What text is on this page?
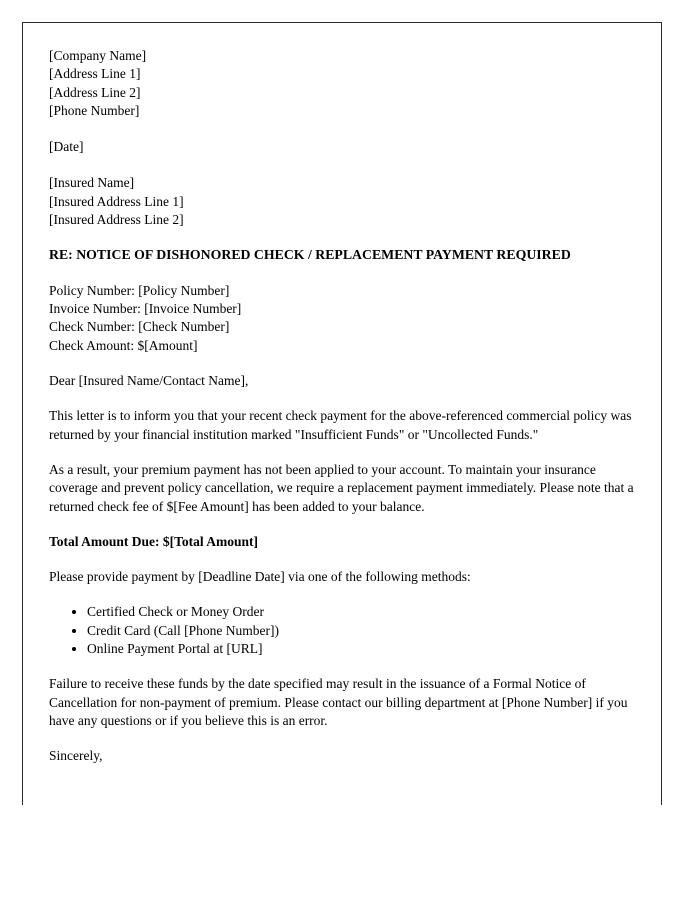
[Company Name]
[Address Line 1]
[Address Line 2]
[Phone Number]
[Date]
[Insured Name]
[Insured Address Line 1]
[Insured Address Line 2]
RE: NOTICE OF DISHONORED CHECK / REPLACEMENT PAYMENT REQUIRED
Policy Number: [Policy Number]
Invoice Number: [Invoice Number]
Check Number: [Check Number]
Check Amount: $[Amount]
Dear [Insured Name/Contact Name],
This letter is to inform you that your recent check payment for the above-referenced commercial policy was returned by your financial institution marked "Insufficient Funds" or "Uncollected Funds."
As a result, your premium payment has not been applied to your account. To maintain your insurance coverage and prevent policy cancellation, we require a replacement payment immediately. Please note that a returned check fee of $[Fee Amount] has been added to your balance.
Total Amount Due: $[Total Amount]
Please provide payment by [Deadline Date] via one of the following methods:
• Certified Check or Money Order
• Credit Card (Call [Phone Number])
• Online Payment Portal at [URL]
Failure to receive these funds by the date specified may result in the issuance of a Formal Notice of Cancellation for non-payment of premium. Please contact our billing department at [Phone Number] if you have any questions or if you believe this is an error.
Sincerely,
